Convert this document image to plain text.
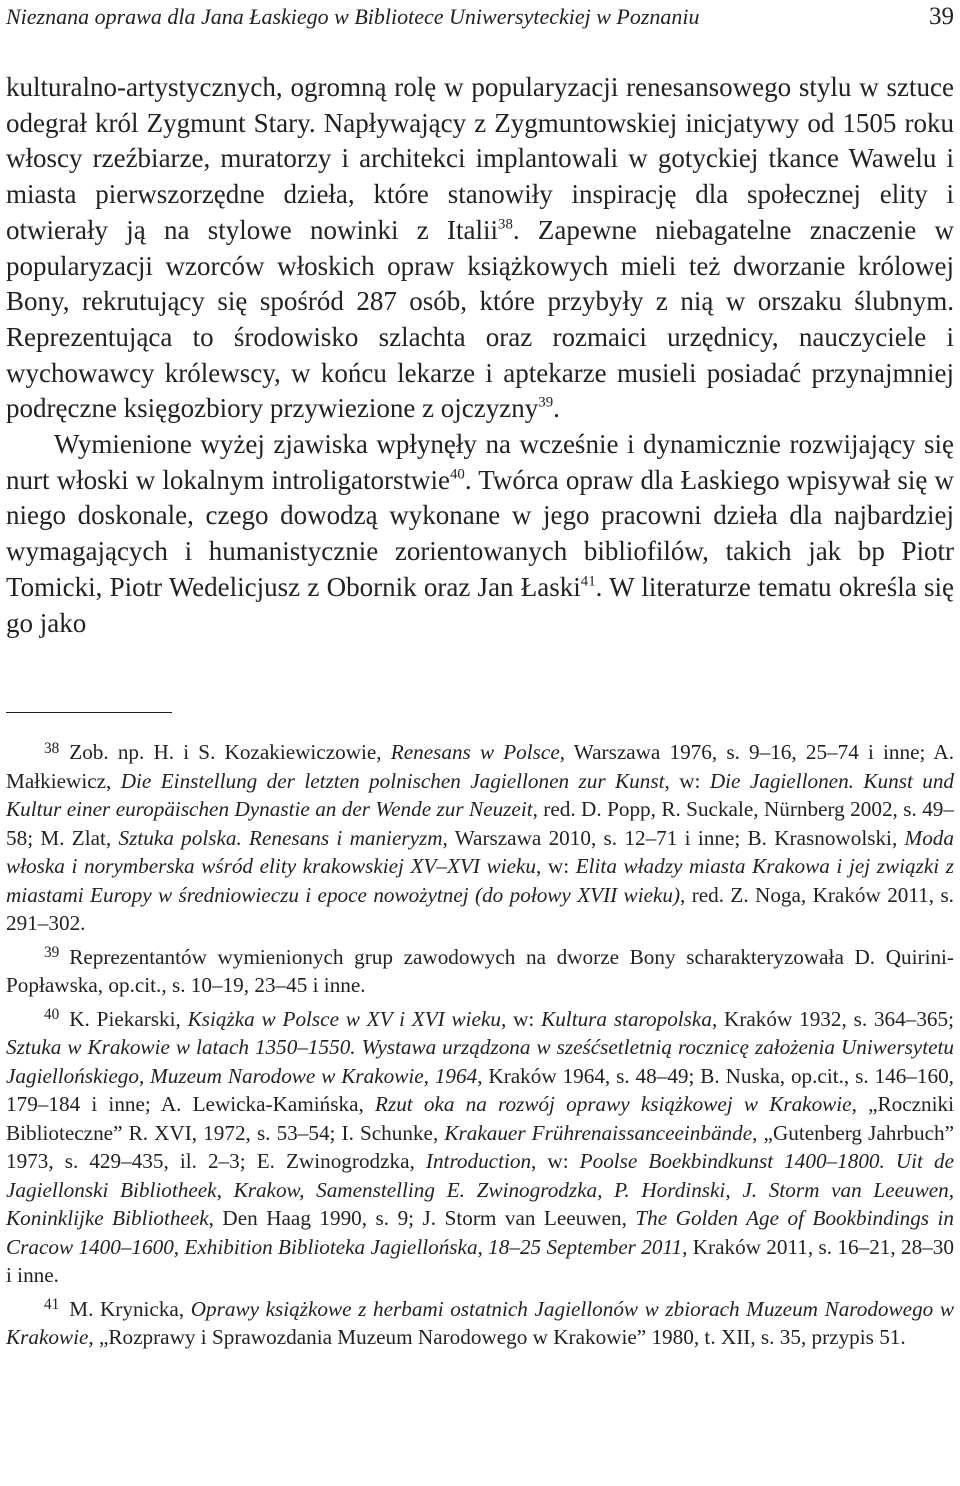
Nieznana oprawa dla Jana Łaskiego w Bibliotece Uniwersyteckiej w Poznaniu	39

kulturalno-artystycznych, ogromną rolę w popularyzacji renesansowego stylu w sztuce odegrał król Zygmunt Stary. Napływający z Zygmuntowskiej inicjatywy od 1505 roku włoscy rzeźbiarze, muratorzy i architekci implantowali w gotyckiej tkance Wawelu i miasta pierwszorzędne dzieła, które stanowiły inspirację dla społecznej elity i otwierały ją na stylowe nowinki z Italii$^{38}$. Zapewne niebagatelne znaczenie w popularyzacji wzorców włoskich opraw książkowych mieli też dworzanie królowej Bony, rekrutujący się spośród 287 osób, które przybyły z nią w orszaku ślubnym. Reprezentująca to środowisko szlachta oraz rozmaici urzędnicy, nauczyciele i wychowawcy królewscy, w końcu lekarze i aptekarze musieli posiadać przynajmniej podręczne księgozbiory przywiezione z ojczyzny$^{39}$.

Wymienione wyżej zjawiska wpłynęły na wcześnie i dynamicznie rozwijający się nurt włoski w lokalnym introligatorstwie$^{40}$. Twórca opraw dla Łaskiego wpisywał się w niego doskonale, czego dowodzą wykonane w jego pracowni dzieła dla najbardziej wymagających i humanistycznie zorientowanych bibliofilów, takich jak bp Piotr Tomicki, Piotr Wedelicjusz z Obornik oraz Jan Łaski$^{41}$. W literaturze tematu określa się go jako

$^{38}$ Zob. np. H. i S. Kozakiewiczowie, Renesans w Polsce, Warszawa 1976, s. 9–16, 25–74 i inne; A. Małkiewicz, Die Einstellung der letzten polnischen Jagiellonen zur Kunst, w: Die Jagiellonen. Kunst und Kultur einer europäischen Dynastie an der Wende zur Neuzeit, red. D. Popp, R. Suckale, Nürnberg 2002, s. 49–58; M. Zlat, Sztuka polska. Renesans i manieryzm, Warszawa 2010, s. 12–71 i inne; B. Krasnowolski, Moda włoska i norymberska wśród elity krakowskiej XV–XVI wieku, w: Elita władzy miasta Krakowa i jej związki z miastami Europy w średniowieczu i epoce nowożytnej (do połowy XVII wieku), red. Z. Noga, Kraków 2011, s. 291–302.

$^{39}$ Reprezentantów wymienionych grup zawodowych na dworze Bony scharakteryzowała D. Quirini-Popławska, op.cit., s. 10–19, 23–45 i inne.

$^{40}$ K. Piekarski, Książka w Polsce w XV i XVI wieku, w: Kultura staropolska, Kraków 1932, s. 364–365; Sztuka w Krakowie w latach 1350–1550. Wystawa urządzona w sześćsetletnią rocznicę założenia Uniwersytetu Jagiellońskiego, Muzeum Narodowe w Krakowie, 1964, Kraków 1964, s. 48–49; B. Nuska, op.cit., s. 146–160, 179–184 i inne; A. Lewicka-Kamińska, Rzut oka na rozwój oprawy książkowej w Krakowie, „Roczniki Biblioteczne” R. XVI, 1972, s. 53–54; I. Schunke, Krakauer Frührenaissanceeinbände, „Gutenberg Jahrbuch” 1973, s. 429–435, il. 2–3; E. Zwinogrodzka, Introduction, w: Poolse Boekbindkunst 1400–1800. Uit de Jagiellonski Bibliotheek, Krakow, Samenstelling E. Zwinogrodzka, P. Hordinski, J. Storm van Leeuwen, Koninklijke Bibliotheek, Den Haag 1990, s. 9; J. Storm van Leeuwen, The Golden Age of Bookbindings in Cracow 1400–1600, Exhibition Biblioteka Jagiellońska, 18–25 September 2011, Kraków 2011, s. 16–21, 28–30 i inne.

$^{41}$ M. Krynicka, Oprawy książkowe z herbami ostatnich Jagiellonów w zbiorach Muzeum Narodowego w Krakowie, „Rozprawy i Sprawozdania Muzeum Narodowego w Krakowie” 1980, t. XII, s. 35, przypis 51.
